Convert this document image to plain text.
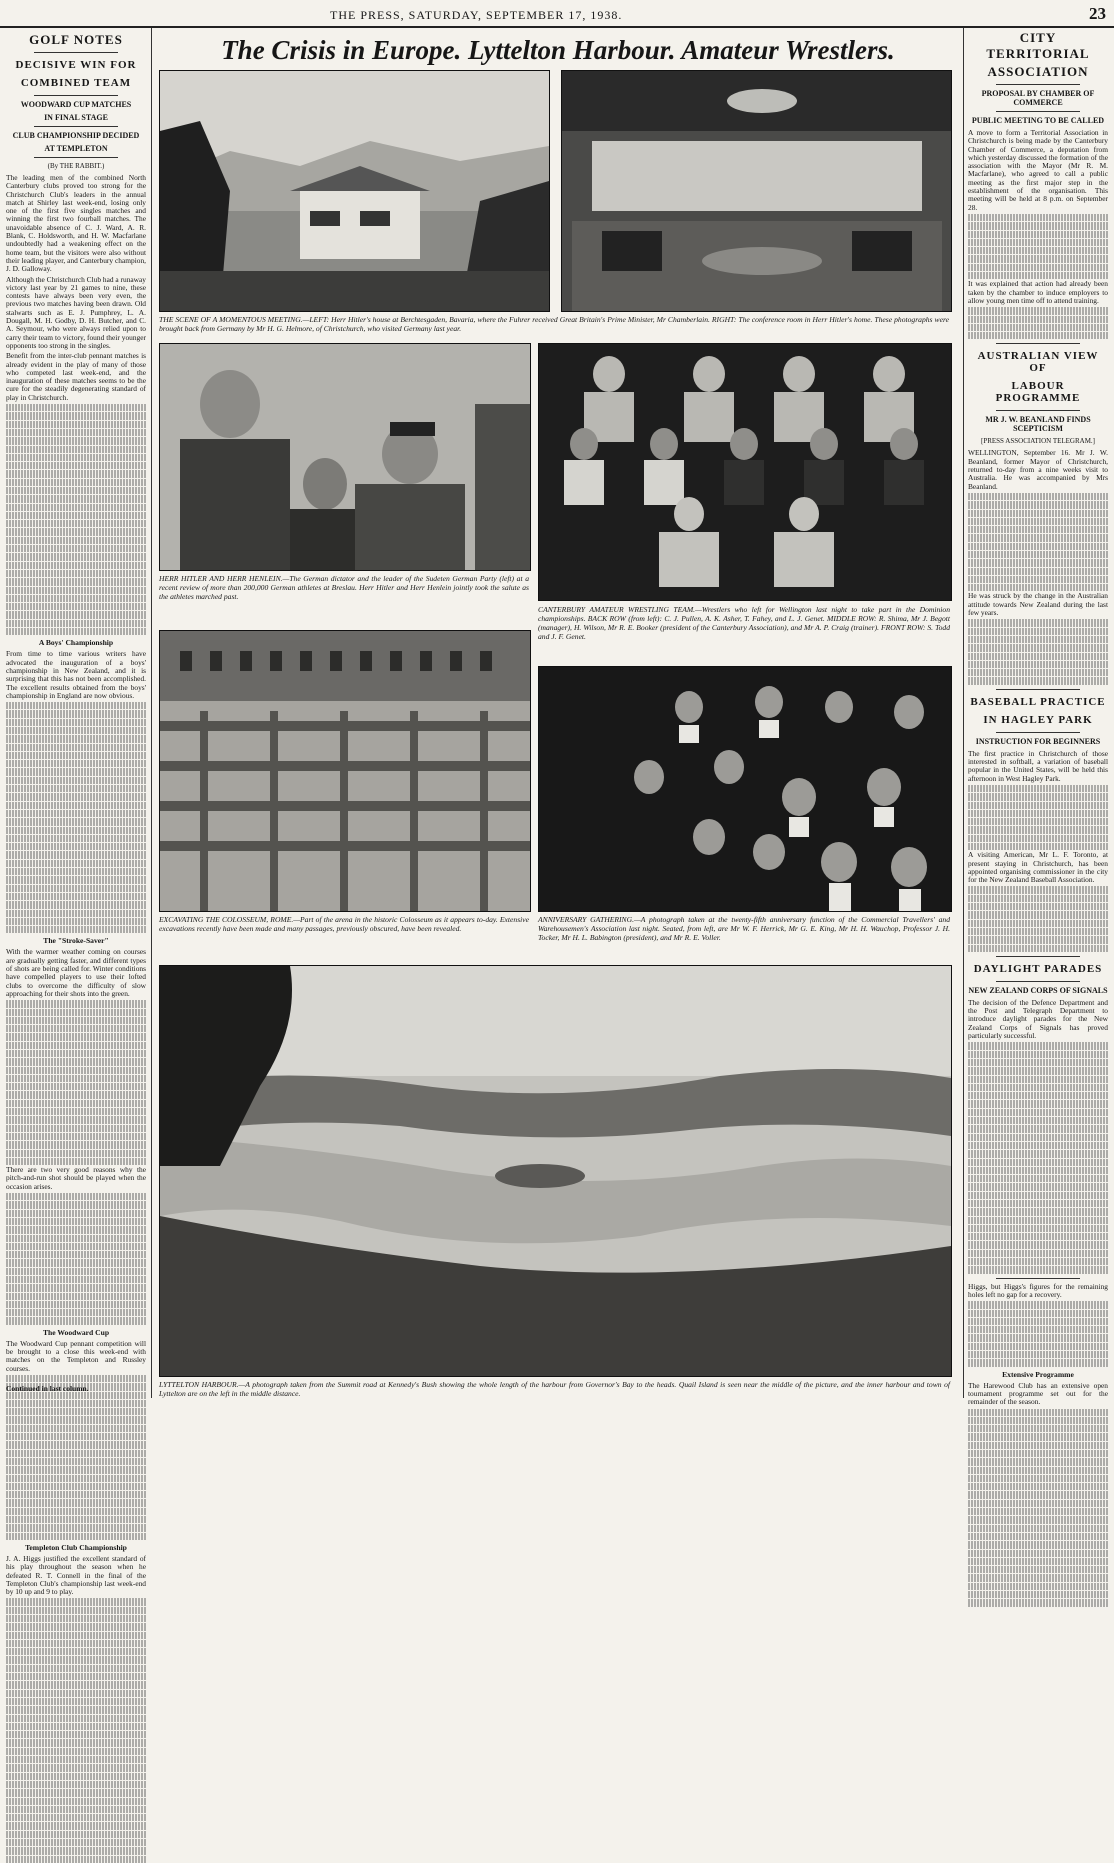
THE PRESS, SATURDAY, SEPTEMBER 17, 1938.	23
GOLF NOTES
DECISIVE WIN FOR
COMBINED TEAM
WOODWARD CUP MATCHES
IN FINAL STAGE
CLUB CHAMPIONSHIP DECIDED
AT TEMPLETON
(By THE RABBIT.)

The leading men of the combined North Canterbury clubs proved too strong for the Christchurch Club's leaders in the annual match at Shirley last week-end, losing only one of the first five singles matches and winning the first two fourball matches. The unavoidable absence of C. J. Ward, A. R. Blank, C. Holdsworth, and H. W. Macfarlane undoubtedly had a weakening effect on the home team, but the visitors were also without their leading player, and Canterbury champion, J. D. Galloway.

Although the Christchurch Club had a runaway victory last year by 21 games to nine, these contests have always been very even, the previous two matches having been drawn. Old stalwarts such as E. J. Pumphrey, L. A. Dougall, M. H. Godby, D. H. Butcher, and C. A. Seymour, who were always relied upon to carry their team to victory, found their younger opponents too strong in the singles.

Benefit from the inter-club pennant matches is already evident in the play of many of those who competed last week-end, and the inauguration of these matches seems to be the cure for the steadily degenerating standard of play in Christchurch.

A Boys' Championship

From time to time various writers have advocated the inauguration of a boys' championship in New Zealand, and it is surprising that this has not been accomplished. The excellent results obtained from the boys' championship in England are now obvious.

The "Stroke-Saver"

With the warmer weather coming on courses are gradually getting faster, and different types of shots are being called for. Winter conditions have compelled players to use their lofted clubs to overcome the difficulty of slow approaching for their shots into the green.

There are two very good reasons why the pitch-and-run shot should be played when the occasion arises.

The Woodward Cup

The Woodward Cup pennant competition will be brought to a close this week-end with matches on the Templeton and Russley courses.

Templeton Club Championship

J. A. Higgs justified the excellent standard of his play throughout the season when he defeated R. T. Connell in the final of the Templeton Club's championship last week-end by 10 up and 9 to play.

Continued in last column.
The Crisis in Europe. Lyttelton Harbour. Amateur Wrestlers.
THE SCENE OF A MOMENTOUS MEETING.—LEFT: Herr Hitler's house at Berchtesgaden, Bavaria, where the Fuhrer received Great Britain's Prime Minister, Mr Chamberlain. RIGHT: The conference room in Herr Hitler's home. These photographs were brought back from Germany by Mr H. G. Helmore, of Christchurch, who visited Germany last year.
HERR HITLER AND HERR HENLEIN.—The German dictator and the leader of the Sudeten German Party (left) at a recent review of more than 200,000 German athletes at Breslau. Herr Hitler and Herr Henlein jointly took the salute as the athletes marched past.
CANTERBURY AMATEUR WRESTLING TEAM.—Wrestlers who left for Wellington last night to take part in the Dominion championships. BACK ROW (from left): C. J. Pullen, A. K. Asher, T. Fahey, and L. J. Genet. MIDDLE ROW: R. Shima, Mr J. Begott (manager), H. Wilson, Mr R. E. Booker (president of the Canterbury Association), and Mr A. P. Craig (trainer). FRONT ROW: S. Todd and J. F. Genet.
EXCAVATING THE COLOSSEUM, ROME.—Part of the arena in the historic Colosseum as it appears to-day. Extensive excavations recently have been made and many passages, previously obscured, have been revealed.
ANNIVERSARY GATHERING.—A photograph taken at the twenty-fifth anniversary function of the Commercial Travellers' and Warehousemen's Association last night. Seated, from left, are Mr W. F. Herrick, Mr G. E. King, Mr H. H. Wauchop, Professor J. H. Tocker, Mr H. L. Babington (president), and Mr R. E. Voller.
LYTTELTON HARBOUR.—A photograph taken from the Summit road at Kennedy's Bush showing the whole length of the harbour from Governor's Bay to the heads. Quail Island is seen near the middle of the picture, and the inner harbour and town of Lyttelton are on the left in the middle distance.
CITY TERRITORIAL
ASSOCIATION
PROPOSAL BY CHAMBER OF COMMERCE
PUBLIC MEETING TO BE CALLED

A move to form a Territorial Association in Christchurch is being made by the Canterbury Chamber of Commerce, a deputation from which yesterday discussed the formation of the association with the Mayor (Mr R. M. Macfarlane), who agreed to call a public meeting as the first major step in the establishment of the organisation. This meeting will be held at 8 p.m. on September 28.

It was explained that action had already been taken by the chamber to induce employers to allow young men time off to attend training.

AUSTRALIAN VIEW OF
LABOUR PROGRAMME
MR J. W. BEANLAND FINDS SCEPTICISM
[PRESS ASSOCIATION TELEGRAM.]

WELLINGTON, September 16. Mr J. W. Beanland, former Mayor of Christchurch, returned to-day from a nine weeks visit to Australia. He was accompanied by Mrs Beanland.

He was struck by the change in the Australian attitude towards New Zealand during the last few years.

BASEBALL PRACTICE
IN HAGLEY PARK
INSTRUCTION FOR BEGINNERS

The first practice in Christchurch of those interested in softball, a variation of baseball popular in the United States, will be held this afternoon in West Hagley Park.

A visiting American, Mr L. F. Toronto, at present staying in Christchurch, has been appointed organising commissioner in the city for the New Zealand Baseball Association.

DAYLIGHT PARADES
NEW ZEALAND CORPS OF SIGNALS

The decision of the Defence Department and the Post and Telegraph Department to introduce daylight parades for the New Zealand Corps of Signals has proved particularly successful.

Higgs, but Higgs's figures for the remaining holes left no gap for a recovery.

Extensive Programme

The Harewood Club has an extensive open tournament programme set out for the remainder of the season.
